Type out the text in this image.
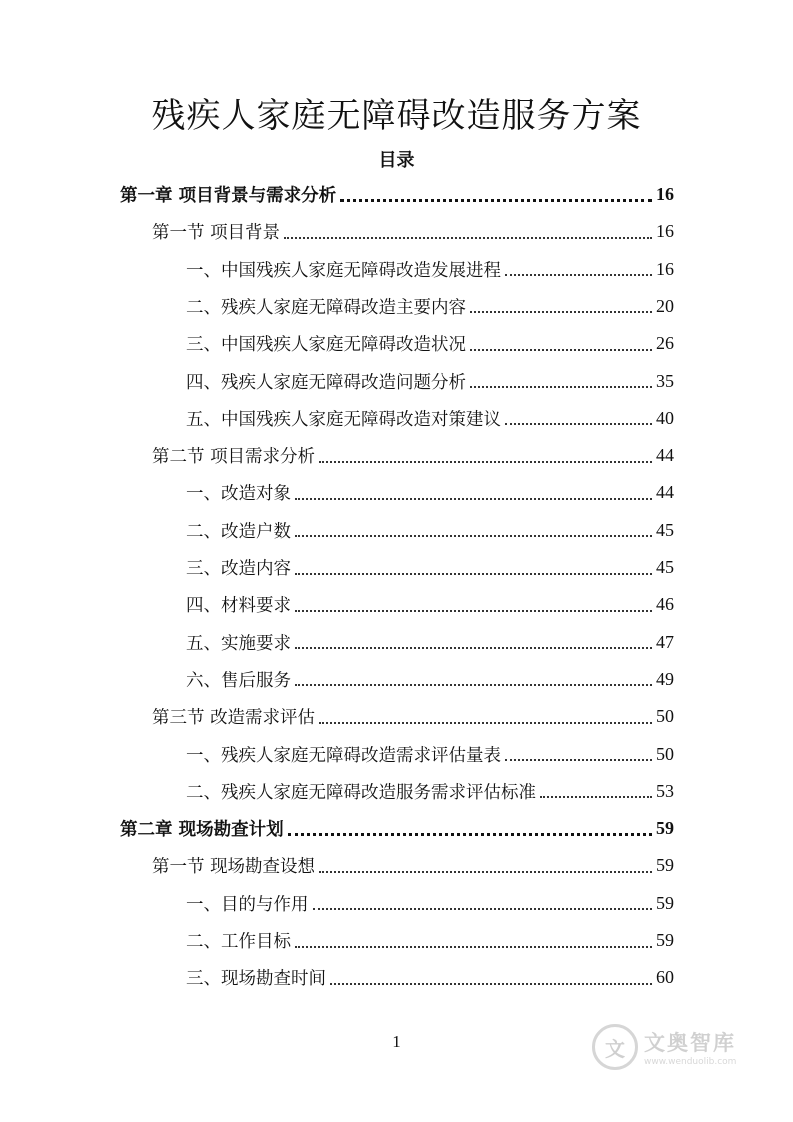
残疾人家庭无障碍改造服务方案
目录
第一章 项目背景与需求分析	16
第一节 项目背景	16
一、中国残疾人家庭无障碍改造发展进程	16
二、残疾人家庭无障碍改造主要内容	20
三、中国残疾人家庭无障碍改造状况	26
四、残疾人家庭无障碍改造问题分析	35
五、中国残疾人家庭无障碍改造对策建议	40
第二节 项目需求分析	44
一、改造对象	44
二、改造户数	45
三、改造内容	45
四、材料要求	46
五、实施要求	47
六、售后服务	49
第三节 改造需求评估	50
一、残疾人家庭无障碍改造需求评估量表	50
二、残疾人家庭无障碍改造服务需求评估标准	53
第二章 现场勘查计划	59
第一节 现场勘查设想	59
一、目的与作用	59
二、工作目标	59
三、现场勘查时间	60
1	文 文奥智库
www.wenduolib.com
